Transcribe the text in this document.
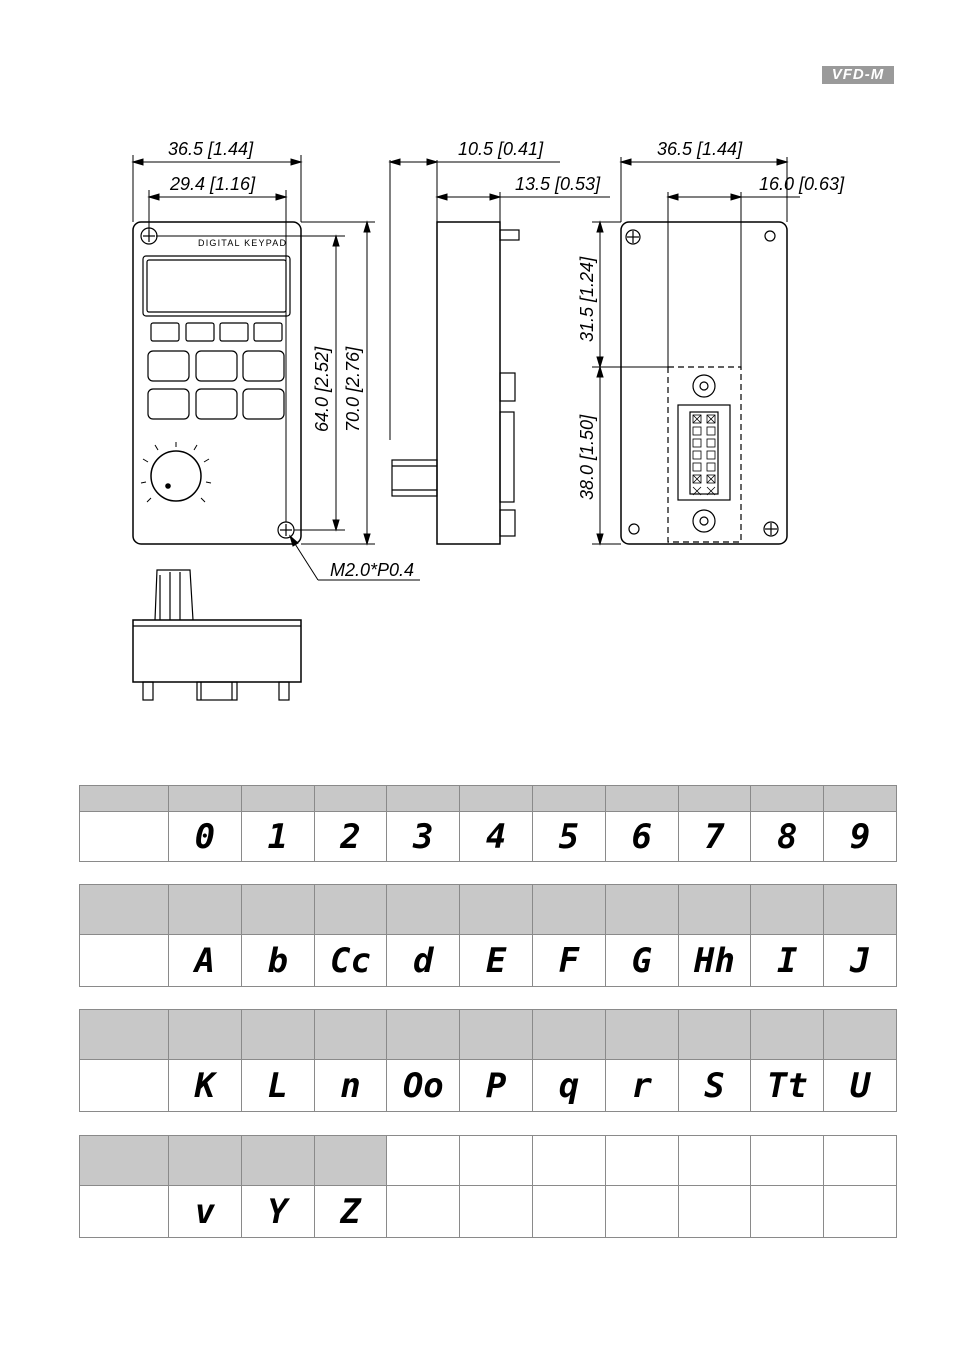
VFD-M
DIGITAL KEYPAD
36.5 [1.44]
29.4 [1.16]
64.0 [2.52] 70.0 [2.76]
M2.0*P0.4
10.5 [0.41]
13.5 [0.53]
36.5 [1.44]
16.0 [0.63]
31.5 [1.24]
38.0 [1.50]

	0	1	2	3	4	5	6	7	8	9

	A	b	Cc	d	E	F	G	Hh	I	J

	K	L	n	Oo	P	q	r	S	Tt	U

	v	Y	Z							
